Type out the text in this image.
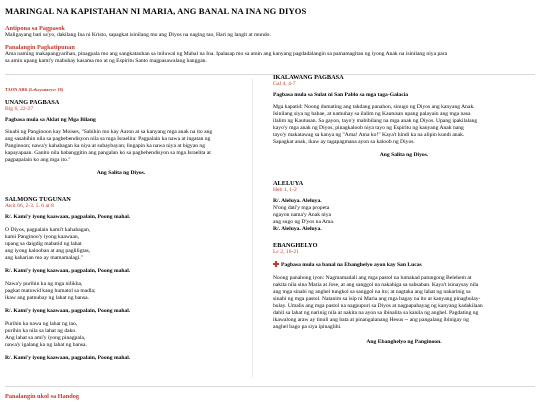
MARINGAL NA KAPISTAHAN NI MARIA, ANG BANAL NA INA NG DIYOS
Antipona sa Pagpasok
Maligayang bati sa'yo, dakilang Ina ni Kristo, sapagkat isinilang mo ang Diyos na naging tao, Hari ng langit at mundo.
Panalangin Pagkatipunan
Ama naming makapangyarihan, pinagpala mo ang sangkatauhan sa iniluwal ng Mahal na Ina. Ipalasap mo sa amin ang kanyang pagdadalangin sa pamamagitan ng iyong Anak na isinilang niya para
sa amin upang kami'y mabuhay kasama mo at ng Espiritu Santo magpasawalang hanggan.
TAON ABK (Leksyonaryo: 18)
UNANG PAGBASA
Blg 6, 22-27
Pagbasa mula sa Aklat ng Mga Bilang
Sinabi ng Panginoon kay Moises, "Sabihin mo kay Aaron at sa kanyang mga anak na ito ang
ang sasabihin nila sa pagbebendisyon nila sa mga Israelita: Pagpalain ka nawa at ingatan ng
Panginoon; nawa'y kahabagan ka niya at subaybayan; lingapin ka nawa niya at bigyan ng
kapayapaan. Ganito nila babanggitin ang pangalan ko sa pagbebendisyon sa mga Israelita at
pagpapalain ko ang mga ito."
Ang Salita ng Diyos.
SALMONG TUGUNAN
Awit 66, 2-3. 5. 6 at 8
R/. Kami'y iyong kaawaan, pagpalain, Poong mahal.
O Diyos, pagpalain kami't kahabagan,
kami Panginoo'y iyong kaawaan,
upang sa daigdig mabatid ng lahat
ang iyong kalooban at ang pagliligtas,
ang kaharian mo ay mamamalagi."
R/. Kami'y iyong kaawaan, pagpalain, Poong mahal.
Nawa'y purihin ka ng mga nilikha,
pagkat matuwid kang humatol sa madla;
ikaw ang patnubay ng lahat ng bansa.
R/. Kami'y iyong kaawaan, pagpalain, Poong mahal.
Purihin ka nawa ng lahat ng tao,
purihin ka nila sa lahat ng dako.
Ang lahat sa ami'y iyong pinagpala,
nawa'y igalang ka ng lahat ng bansa.
R/. Kami'y iyong kaawaan, pagpalain, Poong mahal.
IKALAWANG PAGBASA
Gal 4, 4-7
Pagbasa mula sa Sulat ni San Pablo sa mga taga-Galacia
Mga kapatid: Noong dumating ang takdang panahon, sinugo ng Diyos ang kanyang Anak.
Isinilang siya ng babae, at namuhay sa ilalim ng Kautusan upang palayain ang mga nasa
ilalim ng Kautusan. Sa gayon, tayo'y mabibilang na mga anak ng Diyos. Upang ipakilalang
kayo'y mga anak ng Diyos, pinagkaloob niya tayo ng Espiritu ng kanyang Anak nang
tayo'y makatawag sa kanya ng "Ama! Ama ko!" Kaya't hindi ka na alipin kundi anak.
Sapagkat anak, ikaw ay tagapagmana ayon sa kaloob ng Diyos.
Ang Salita ng Diyos.
ALELUYA
Heb 1, 1-2
R/. Aleluya. Aleluya.
N'ong dati'y mga propeta
ngayon nama'y Anak niya
ang sugo ng D'yos na Ama.
R/. Aleluya. Aleluya.
EBANGHELYO
Lc 2, 16-21
Pagbasa mula sa banal na Ebanghelyo ayon kay San Lucas
Noong panahong iyon: Nagmamadali ang mga pastol na lumakad patungong Belehem at
nakita nila sina Maria at Jose, at ang sanggol na nakahiga sa sabsaban. Kaya't isinaysay nila
ang mga sinabi ng anghel tungkol sa sanggol na ito; at nagtaka ang lahat ng nakarinig sa
sinabi ng mga pastol. Natanim sa isip ni Maria ang mga bagay na ito at kanyang pinagbulay-
bulay. Umalis ang mga pastol na nagpupuri sa Diyos at nagpapahayag ng kanyang kadakilaan
dahil sa lahat ng narinig nila at nakita na ayon sa ibinalita sa kanila ng anghel. Pagdating ng
ikawalong araw ay tinuli ang bata at pinangalanang Hesus -- ang pangalang ibinigay ng
anghel bago pa siya ipinaglihi.
Ang Ebanghelyo ng Panginoon.
Panalangin ukol sa Handog
